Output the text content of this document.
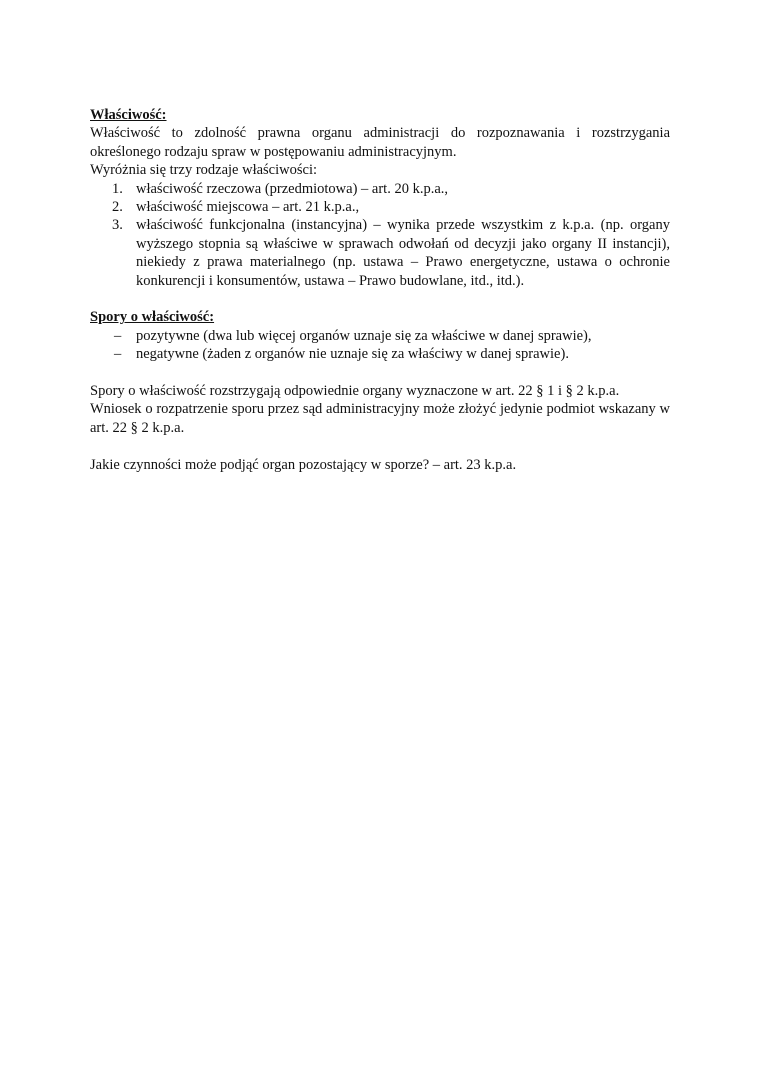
Właściwość:

Właściwość to zdolność prawna organu administracji do rozpoznawania i rozstrzygania określonego rodzaju spraw w postępowaniu administracyjnym.

Wyróżnia się trzy rodzaje właściwości:

1. właściwość rzeczowa (przedmiotowa) – art. 20 k.p.a.,
2. właściwość miejscowa – art. 21 k.p.a.,
3. właściwość funkcjonalna (instancyjna) – wynika przede wszystkim z k.p.a. (np. organy wyższego stopnia są właściwe w sprawach odwołań od decyzji jako organy II instancji), niekiedy z prawa materialnego (np. ustawa – Prawo energetyczne, ustawa o ochronie konkurencji i konsumentów, ustawa – Prawo budowlane, itd., itd.).
Spory o właściwość:
– pozytywne (dwa lub więcej organów uznaje się za właściwe w danej sprawie),
– negatywne (żaden z organów nie uznaje się za właściwy w danej sprawie).

Spory o właściwość rozstrzygają odpowiednie organy wyznaczone w art. 22 § 1 i § 2 k.p.a.

Wniosek o rozpatrzenie sporu przez sąd administracyjny może złożyć jedynie podmiot wskazany w art. 22 § 2 k.p.a.

Jakie czynności może podjąć organ pozostający w sporze? – art. 23 k.p.a.
